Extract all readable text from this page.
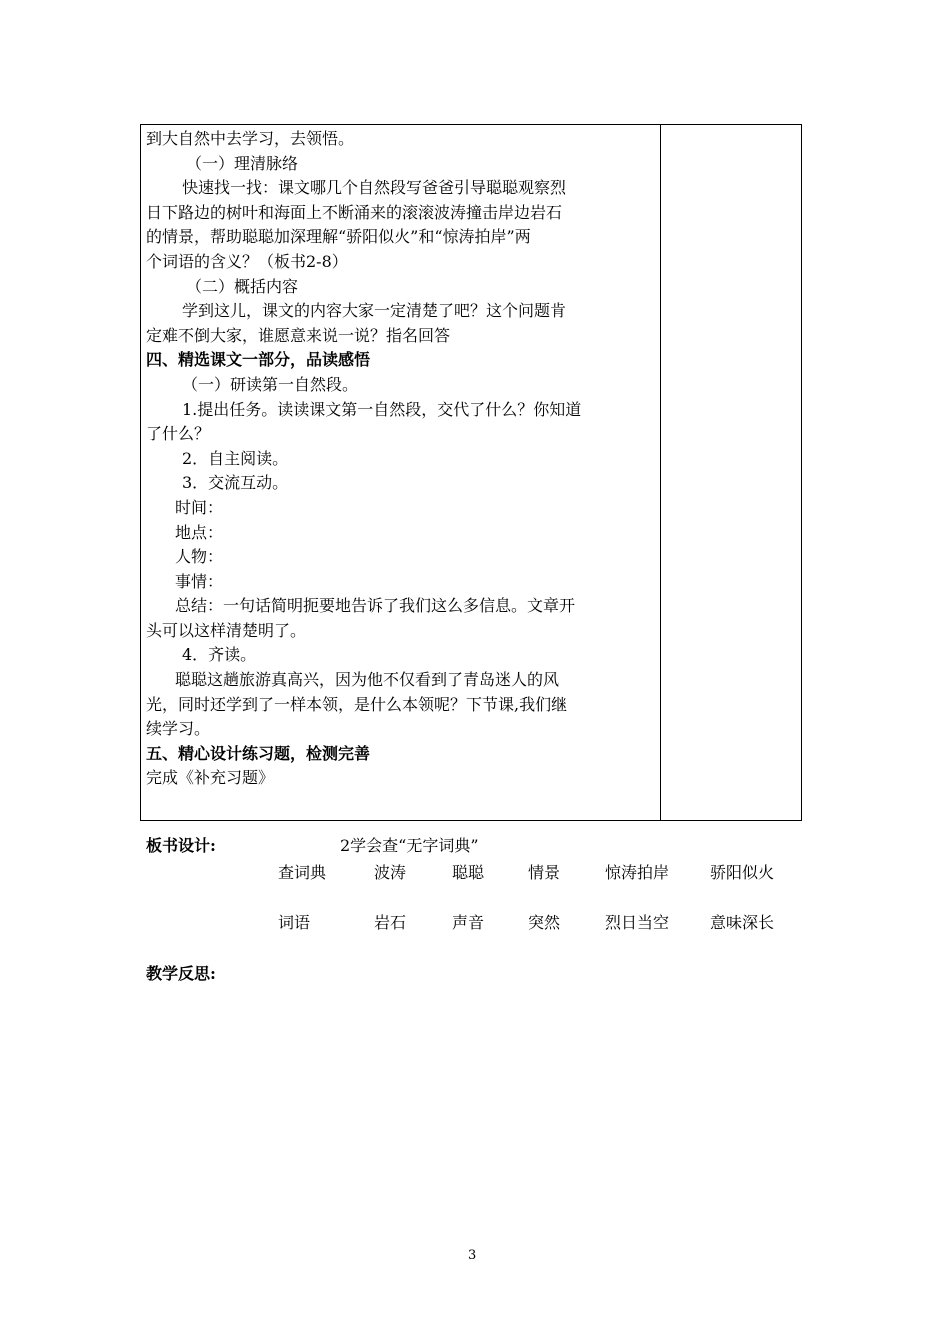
到大自然中去学习，去领悟。
（一）理清脉络
快速找一找：课文哪几个自然段写爸爸引导聪聪观察烈
日下路边的树叶和海面上不断涌来的滚滚波涛撞击岸边岩石
的情景，帮助聪聪加深理解“骄阳似火”和“惊涛拍岸”两
个词语的含义？（板书2-8）
（二）概括内容
学到这儿，课文的内容大家一定清楚了吧？这个问题肯
定难不倒大家，谁愿意来说一说？指名回答
四、精选课文一部分，品读感悟
（一）研读第一自然段。
1.提出任务。读读课文第一自然段，交代了什么？你知道
了什么？
2．自主阅读。
3．交流互动。
时间：
地点：
人物：
事情：
总结：一句话简明扼要地告诉了我们这么多信息。文章开
头可以这样清楚明了。
4．齐读。
聪聪这趟旅游真高兴，因为他不仅看到了青岛迷人的风
光，同时还学到了一样本领，是什么本领呢？下节课,我们继
续学习。
五、精心设计练习题，检测完善
完成《补充习题》
板书设计:	2学会查“无字词典”
查词典	波涛	聪聪	情景	惊涛拍岸	骄阳似火
词语	岩石	声音	突然	烈日当空	意味深长
教学反思:
3
